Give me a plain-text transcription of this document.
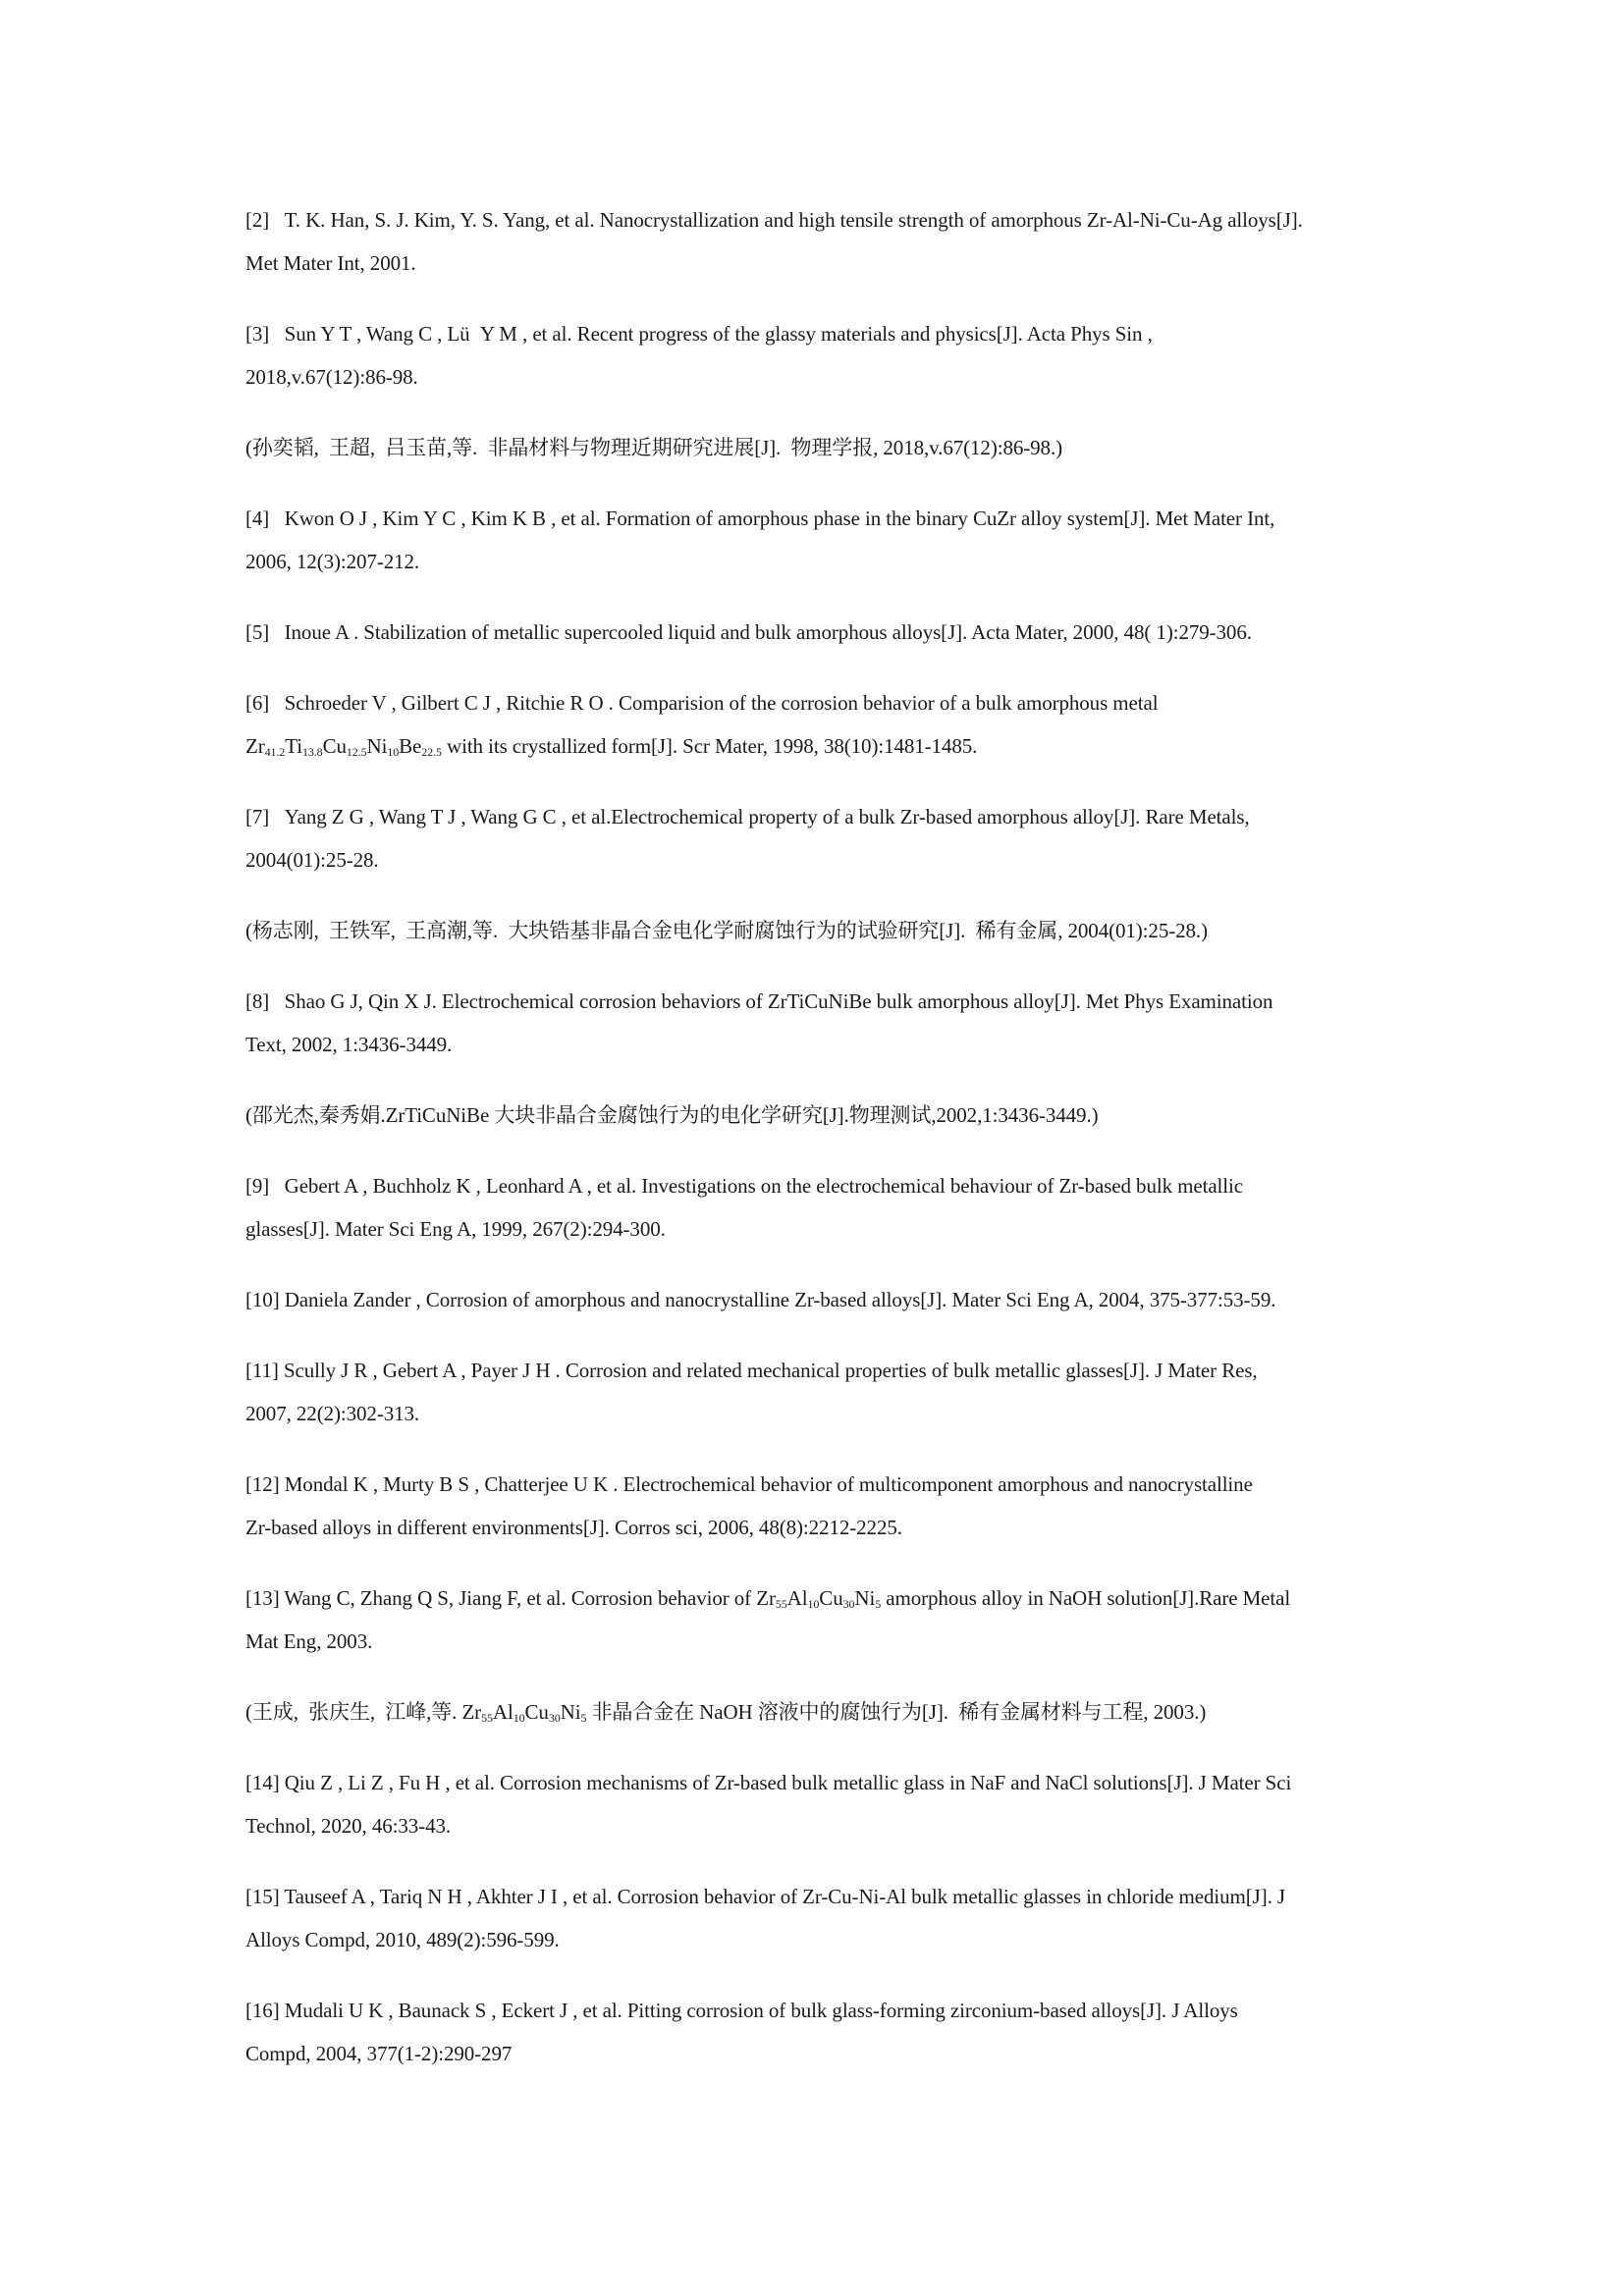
[2]   T. K. Han, S. J. Kim, Y. S. Yang, et al. Nanocrystallization and high tensile strength of amorphous Zr-Al-Ni-Cu-Ag alloys[J].
Met Mater Int, 2001.
[3]   Sun Y T , Wang C , Lü  Y M , et al. Recent progress of the glassy materials and physics[J]. Acta Phys Sin ,
2018,v.67(12):86-98.
(孙奕韬,  王超,  吕玉苗,等.  非晶材料与物理近期研究进展[J].  物理学报, 2018,v.67(12):86-98.)
[4]   Kwon O J , Kim Y C , Kim K B , et al. Formation of amorphous phase in the binary CuZr alloy system[J]. Met Mater Int,
2006, 12(3):207-212.
[5]   Inoue A . Stabilization of metallic supercooled liquid and bulk amorphous alloys[J]. Acta Mater, 2000, 48( 1):279-306.
[6]   Schroeder V , Gilbert C J , Ritchie R O . Comparision of the corrosion behavior of a bulk amorphous metal
$Zr_{41.2}Ti_{13.8}Cu_{12.5}Ni_{10}Be_{22.5}$ with its crystallized form[J]. Scr Mater, 1998, 38(10):1481-1485.
[7]   Yang Z G , Wang T J , Wang G C , et al.Electrochemical property of a bulk Zr-based amorphous alloy[J]. Rare Metals,
2004(01):25-28.
(杨志刚,  王铁军,  王高潮,等.  大块锆基非晶合金电化学耐腐蚀行为的试验研究[J].  稀有金属, 2004(01):25-28.)
[8]   Shao G J, Qin X J. Electrochemical corrosion behaviors of ZrTiCuNiBe bulk amorphous alloy[J]. Met Phys Examination
Text, 2002, 1:3436-3449.
(邵光杰,秦秀娟.ZrTiCuNiBe 大块非晶合金腐蚀行为的电化学研究[J].物理测试,2002,1:3436-3449.)
[9]   Gebert A , Buchholz K , Leonhard A , et al. Investigations on the electrochemical behaviour of Zr-based bulk metallic
glasses[J]. Mater Sci Eng A, 1999, 267(2):294-300.
[10] Daniela Zander , Corrosion of amorphous and nanocrystalline Zr-based alloys[J]. Mater Sci Eng A, 2004, 375-377:53-59.
[11] Scully J R , Gebert A , Payer J H . Corrosion and related mechanical properties of bulk metallic glasses[J]. J Mater Res,
2007, 22(2):302-313.
[12] Mondal K , Murty B S , Chatterjee U K . Electrochemical behavior of multicomponent amorphous and nanocrystalline
Zr-based alloys in different environments[J]. Corros sci, 2006, 48(8):2212-2225.
[13] Wang C, Zhang Q S, Jiang F, et al. Corrosion behavior of $Zr_{55}Al_{10}Cu_{30}Ni_5$ amorphous alloy in NaOH solution[J].Rare Metal
Mat Eng, 2003.
(王成,  张庆生,  江峰,等. $Zr_{55}Al_{10}Cu_{30}Ni_5$ 非晶合金在 NaOH 溶液中的腐蚀行为[J].  稀有金属材料与工程, 2003.)
[14] Qiu Z , Li Z , Fu H , et al. Corrosion mechanisms of Zr-based bulk metallic glass in NaF and NaCl solutions[J]. J Mater Sci
Technol, 2020, 46:33-43.
[15] Tauseef A , Tariq N H , Akhter J I , et al. Corrosion behavior of Zr-Cu-Ni-Al bulk metallic glasses in chloride medium[J]. J
Alloys Compd, 2010, 489(2):596-599.
[16] Mudali U K , Baunack S , Eckert J , et al. Pitting corrosion of bulk glass-forming zirconium-based alloys[J]. J Alloys
Compd, 2004, 377(1-2):290-297
